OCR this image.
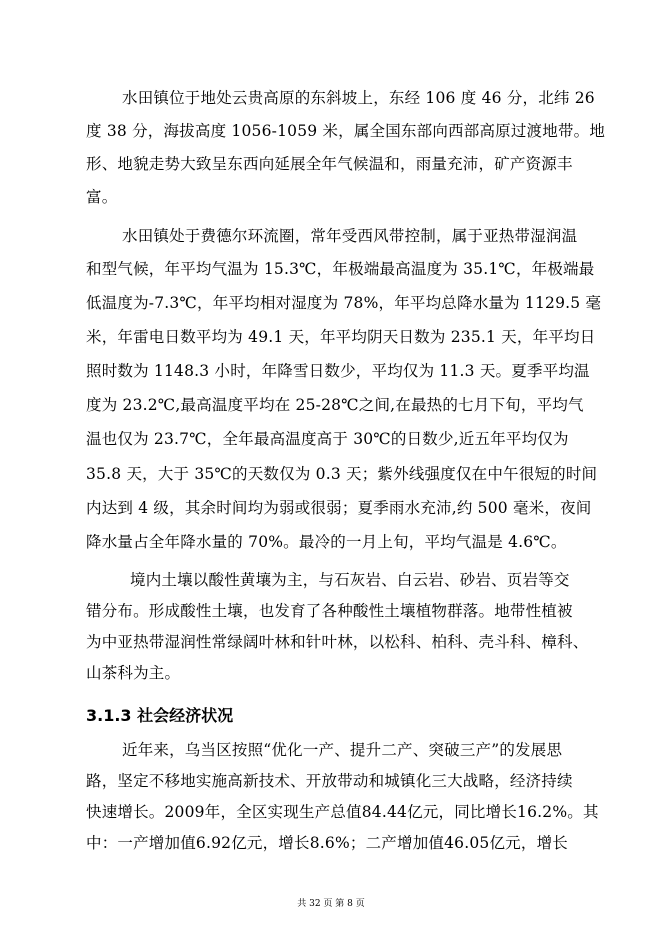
水田镇位于地处云贵高原的东斜坡上，东经 106 度 46 分，北纬 26
度 38 分，海拔高度 1056-1059 米，属全国东部向西部高原过渡地带。地
形、地貌走势大致呈东西向延展全年气候温和，雨量充沛，矿产资源丰
富。
水田镇处于费德尔环流圈，常年受西风带控制，属于亚热带湿润温
和型气候，年平均气温为 15.3℃，年极端最高温度为 35.1℃，年极端最
低温度为-7.3℃，年平均相对湿度为 78%，年平均总降水量为 1129.5 毫
米，年雷电日数平均为 49.1 天，年平均阴天日数为 235.1 天，年平均日
照时数为 1148.3 小时，年降雪日数少，平均仅为 11.3 天。夏季平均温
度为 23.2℃,最高温度平均在 25-28℃之间,在最热的七月下旬，平均气
温也仅为 23.7℃，全年最高温度高于 30℃的日数少,近五年平均仅为
35.8 天，大于 35℃的天数仅为 0.3 天；紫外线强度仅在中午很短的时间
内达到 4 级，其余时间均为弱或很弱；夏季雨水充沛,约 500 毫米，夜间
降水量占全年降水量的 70%。最冷的一月上旬，平均气温是 4.6℃。
境内土壤以酸性黄壤为主，与石灰岩、白云岩、砂岩、页岩等交
错分布。形成酸性土壤，也发育了各种酸性土壤植物群落。地带性植被
为中亚热带湿润性常绿阔叶林和针叶林，以松科、柏科、壳斗科、樟科、
山茶科为主。
3.1.3 社会经济状况
近年来，乌当区按照“优化一产、提升二产、突破三产”的发展思
路，坚定不移地实施高新技术、开放带动和城镇化三大战略，经济持续
快速增长。2009年，全区实现生产总值84.44亿元，同比增长16.2%。其
中：一产增加值6.92亿元，增长8.6%；二产增加值46.05亿元，增长
共 32 页 第 8 页
